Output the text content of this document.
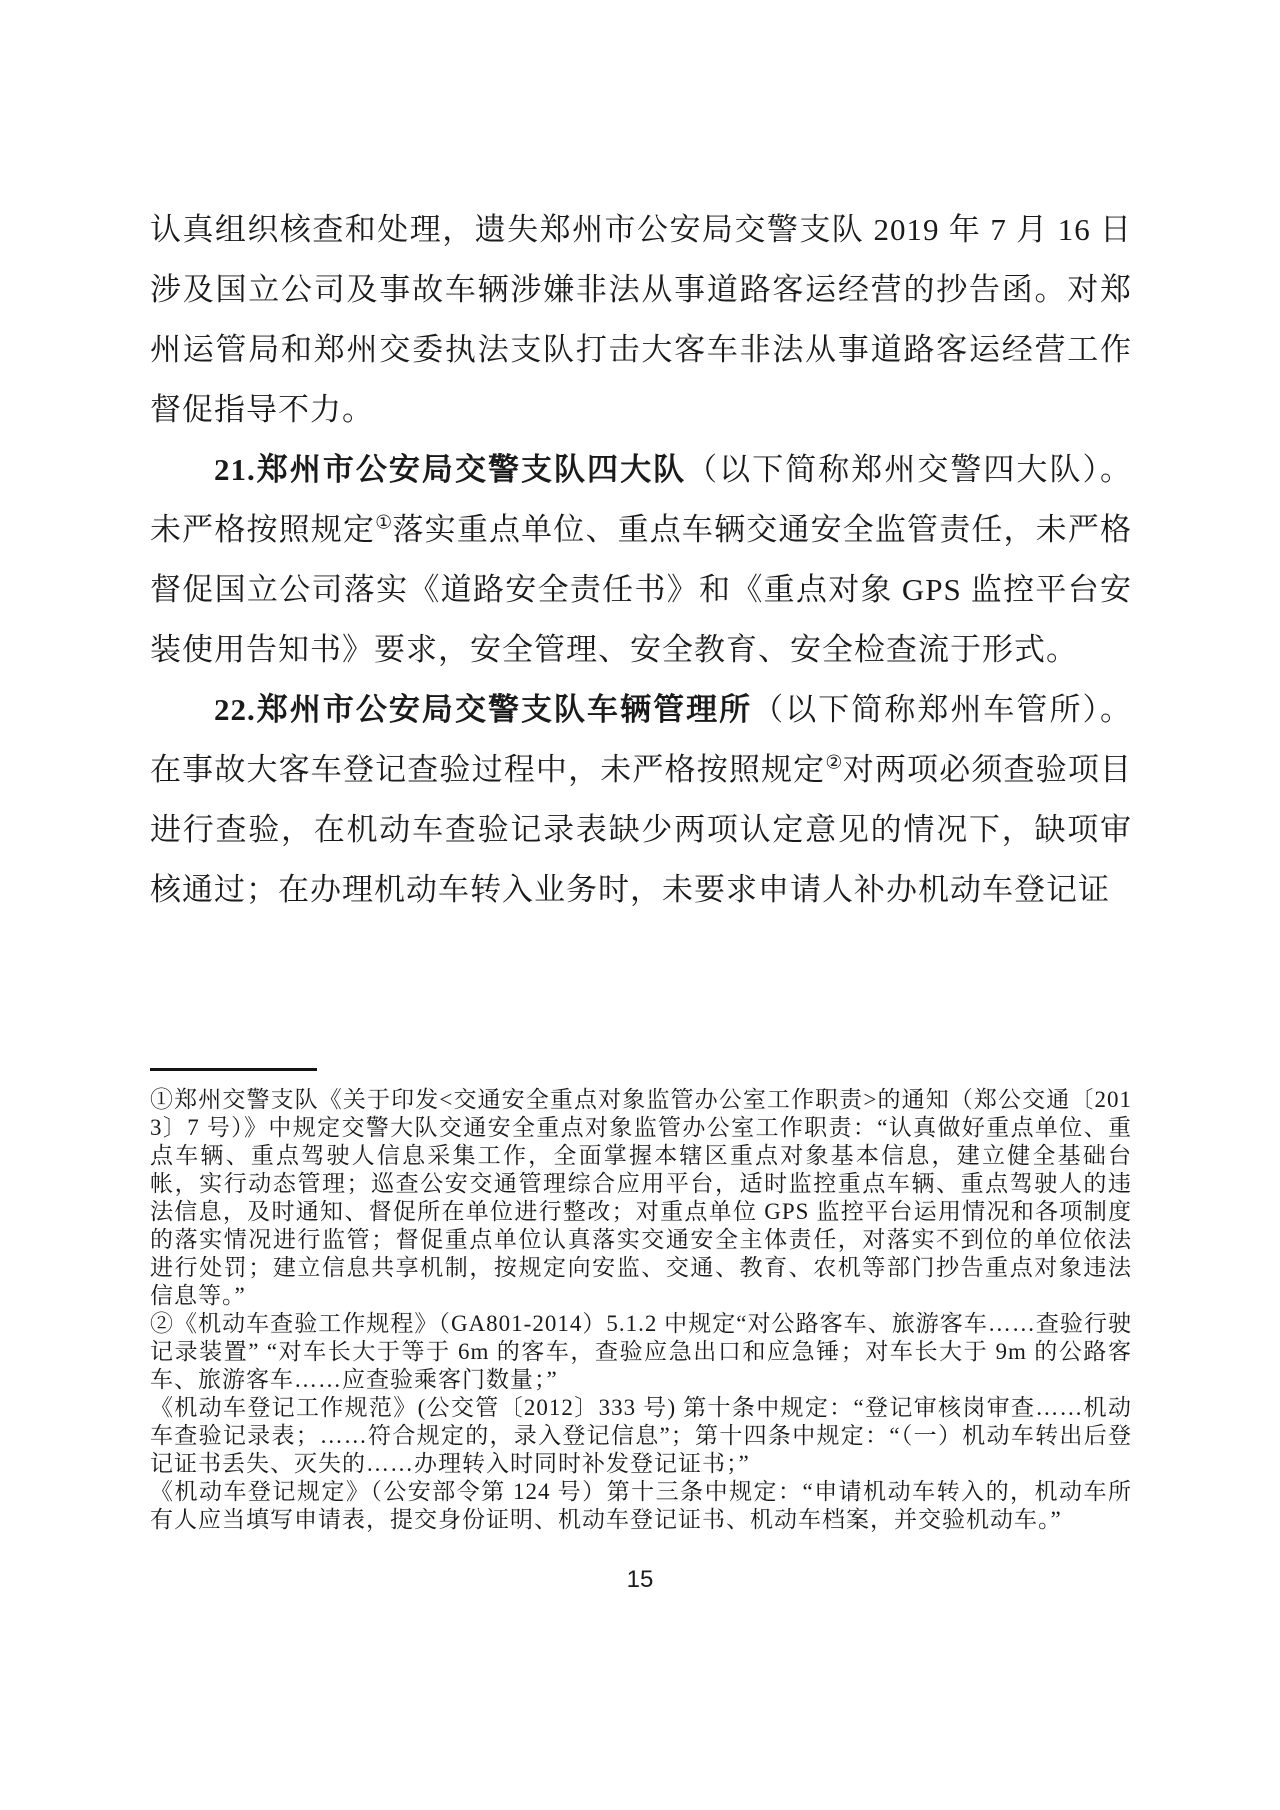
认真组织核查和处理，遗失郑州市公安局交警支队 2019 年 7 月 16 日涉及国立公司及事故车辆涉嫌非法从事道路客运经营的抄告函。对郑州运管局和郑州交委执法支队打击大客车非法从事道路客运经营工作督促指导不力。

21.郑州市公安局交警支队四大队（以下简称郑州交警四大队）。未严格按照规定①落实重点单位、重点车辆交通安全监管责任，未严格督促国立公司落实《道路安全责任书》和《重点对象 GPS 监控平台安装使用告知书》要求，安全管理、安全教育、安全检查流于形式。

22.郑州市公安局交警支队车辆管理所（以下简称郑州车管所）。在事故大客车登记查验过程中，未严格按照规定②对两项必须查验项目进行查验，在机动车查验记录表缺少两项认定意见的情况下，缺项审核通过；在办理机动车转入业务时，未要求申请人补办机动车登记证

①郑州交警支队《关于印发<交通安全重点对象监管办公室工作职责>的通知（郑公交通〔2013〕7 号）》中规定交警大队交通安全重点对象监管办公室工作职责：“认真做好重点单位、重点车辆、重点驾驶人信息采集工作，全面掌握本辖区重点对象基本信息，建立健全基础台帐，实行动态管理；巡查公安交通管理综合应用平台，适时监控重点车辆、重点驾驶人的违法信息，及时通知、督促所在单位进行整改；对重点单位 GPS 监控平台运用情况和各项制度的落实情况进行监管；督促重点单位认真落实交通安全主体责任，对落实不到位的单位依法进行处罚；建立信息共享机制，按规定向安监、交通、教育、农机等部门抄告重点对象违法信息等。”

②《机动车查验工作规程》（GA801-2014）5.1.2 中规定“对公路客车、旅游客车……查验行驶记录装置” “对车长大于等于 6m 的客车，查验应急出口和应急锤；对车长大于 9m 的公路客车、旅游客车……应查验乘客门数量；”

《机动车登记工作规范》(公交管〔2012〕333 号) 第十条中规定：“登记审核岗审查……机动车查验记录表；……符合规定的，录入登记信息”；第十四条中规定：“（一）机动车转出后登记证书丢失、灭失的……办理转入时同时补发登记证书；”

《机动车登记规定》（公安部令第 124 号）第十三条中规定：“申请机动车转入的，机动车所有人应当填写申请表，提交身份证明、机动车登记证书、机动车档案，并交验机动车。”

15
